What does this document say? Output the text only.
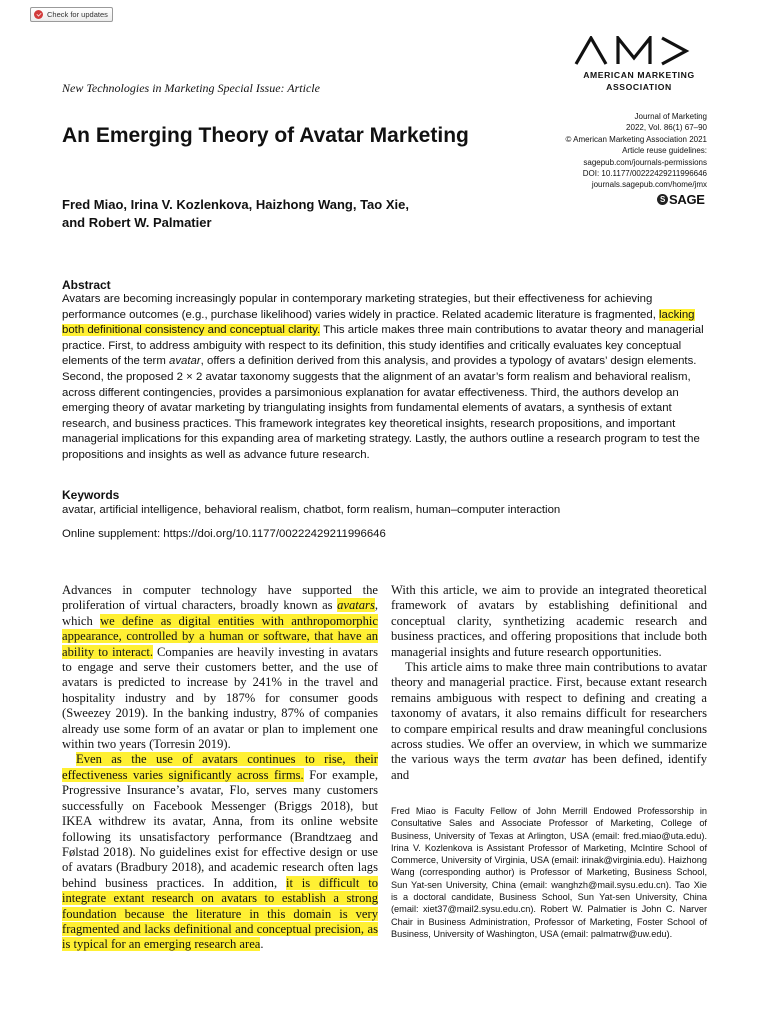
Check for updates
AMERICAN MARKETING
ASSOCIATION
New Technologies in Marketing Special Issue: Article
An Emerging Theory of Avatar Marketing
Journal of Marketing
2022, Vol. 86(1) 67–90
© American Marketing Association 2021
Article reuse guidelines:
sagepub.com/journals-permissions
DOI: 10.1177/00222429211996646
journals.sagepub.com/home/jmx
S SAGE
Fred Miao, Irina V. Kozlenkova, Haizhong Wang, Tao Xie,
and Robert W. Palmatier
Abstract
Avatars are becoming increasingly popular in contemporary marketing strategies, but their effectiveness for achieving performance outcomes (e.g., purchase likelihood) varies widely in practice. Related academic literature is fragmented, lacking both definitional consistency and conceptual clarity. This article makes three main contributions to avatar theory and managerial practice. First, to address ambiguity with respect to its definition, this study identifies and critically evaluates key conceptual elements of the term avatar, offers a definition derived from this analysis, and provides a typology of avatars’ design elements. Second, the proposed 2 × 2 avatar taxonomy suggests that the alignment of an avatar’s form realism and behavioral realism, across different contingencies, provides a parsimonious explanation for avatar effectiveness. Third, the authors develop an emerging theory of avatar marketing by triangulating insights from fundamental elements of avatars, a synthesis of extant research, and business practices. This framework integrates key theoretical insights, research propositions, and important managerial implications for this expanding area of marketing strategy. Lastly, the authors outline a research program to test the propositions and insights as well as advance future research.
Keywords
avatar, artificial intelligence, behavioral realism, chatbot, form realism, human–computer interaction
Online supplement: https://doi.org/10.1177/00222429211996646

Advances in computer technology have supported the proliferation of virtual characters, broadly known as avatars, which we define as digital entities with anthropomorphic appearance, controlled by a human or software, that have an ability to interact. Companies are heavily investing in avatars to engage and serve their customers better, and the use of avatars is predicted to increase by 241% in the travel and hospitality industry and by 187% for consumer goods (Sweezey 2019). In the banking industry, 87% of companies already use some form of an avatar or plan to implement one within two years (Torresin 2019).

Even as the use of avatars continues to rise, their effectiveness varies significantly across firms. For example, Progressive Insurance’s avatar, Flo, serves many customers successfully on Facebook Messenger (Briggs 2018), but IKEA withdrew its avatar, Anna, from its online website following its unsatisfactory performance (Brandtzaeg and Følstad 2018). No guidelines exist for effective design or use of avatars (Bradbury 2018), and academic research often lags behind business practices. In addition, it is difficult to integrate extant research on avatars to establish a strong foundation because the literature in this domain is very fragmented and lacks definitional and conceptual precision, as is typical for an emerging research area.

With this article, we aim to provide an integrated theoretical framework of avatars by establishing definitional and conceptual clarity, synthetizing academic research and business practices, and offering propositions that include both managerial insights and future research opportunities.

This article aims to make three main contributions to avatar theory and managerial practice. First, because extant research remains ambiguous with respect to defining and creating a taxonomy of avatars, it also remains difficult for researchers to compare empirical results and draw meaningful conclusions across studies. We offer an overview, in which we summarize the various ways the term avatar has been defined, identify and

Fred Miao is Faculty Fellow of John Merrill Endowed Professorship in Consultative Sales and Associate Professor of Marketing, College of Business, University of Texas at Arlington, USA (email: fred.miao@uta.edu). Irina V. Kozlenkova is Assistant Professor of Marketing, McIntire School of Commerce, University of Virginia, USA (email: irinak@virginia.edu). Haizhong Wang (corresponding author) is Professor of Marketing, Business School, Sun Yat-sen University, China (email: wanghzh@mail.sysu.edu.cn). Tao Xie is a doctoral candidate, Business School, Sun Yat-sen University, China (email: xiet37@mail2.sysu.edu.cn). Robert W. Palmatier is John C. Narver Chair in Business Administration, Professor of Marketing, Foster School of Business, University of Washington, USA (email: palmatrw@uw.edu).
